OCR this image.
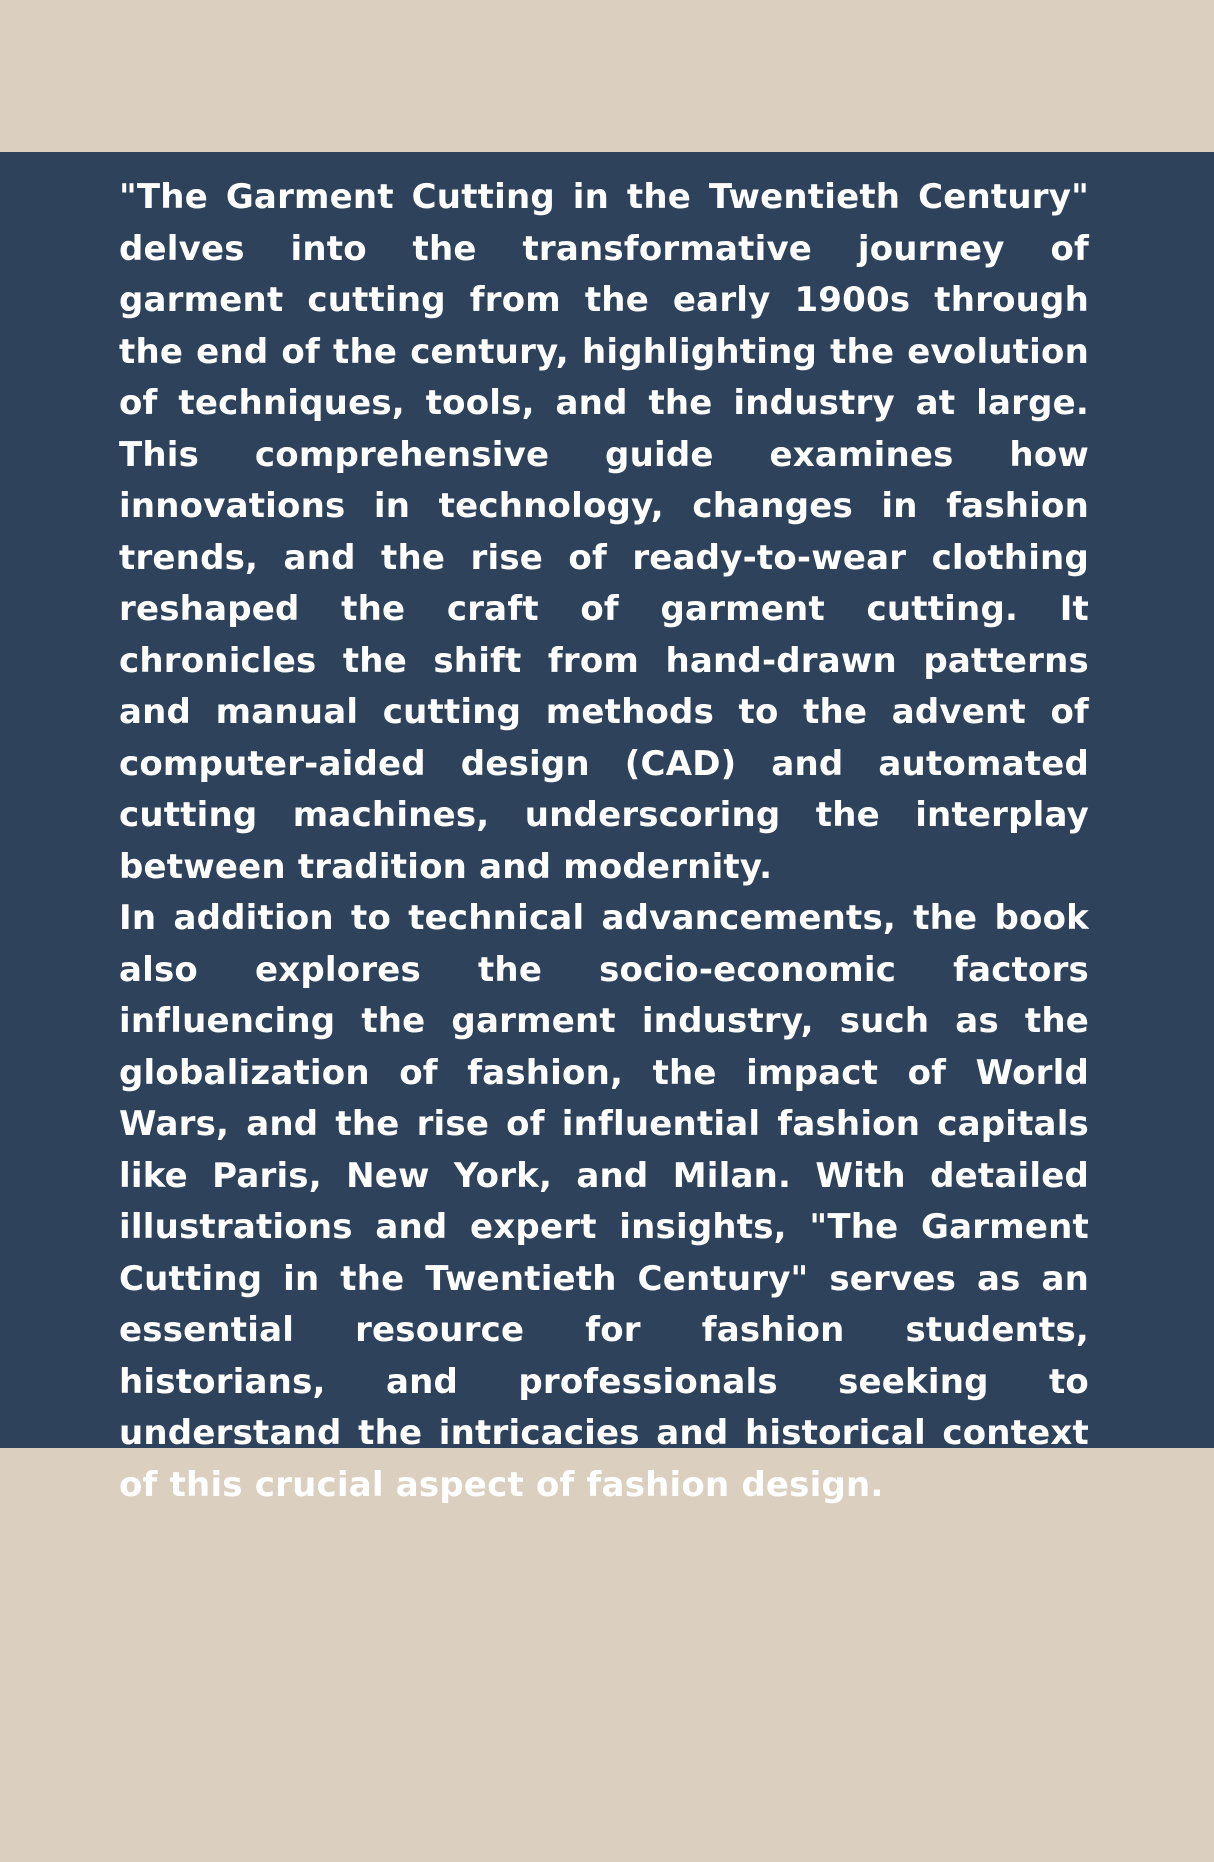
"The Garment Cutting in the Twentieth Century" delves into the transformative journey of garment cutting from the early 1900s through the end of the century, highlighting the evolution of techniques, tools, and the industry at large. This comprehensive guide examines how innovations in technology, changes in fashion trends, and the rise of ready-to-wear clothing reshaped the craft of garment cutting. It chronicles the shift from hand-drawn patterns and manual cutting methods to the advent of computer-aided design (CAD) and automated cutting machines, underscoring the interplay between tradition and modernity.

In addition to technical advancements, the book also explores the socio-economic factors influencing the garment industry, such as the globalization of fashion, the impact of World Wars, and the rise of influential fashion capitals like Paris, New York, and Milan. With detailed illustrations and expert insights, "The Garment Cutting in the Twentieth Century" serves as an essential resource for fashion students, historians, and professionals seeking to understand the intricacies and historical context of this crucial aspect of fashion design.
